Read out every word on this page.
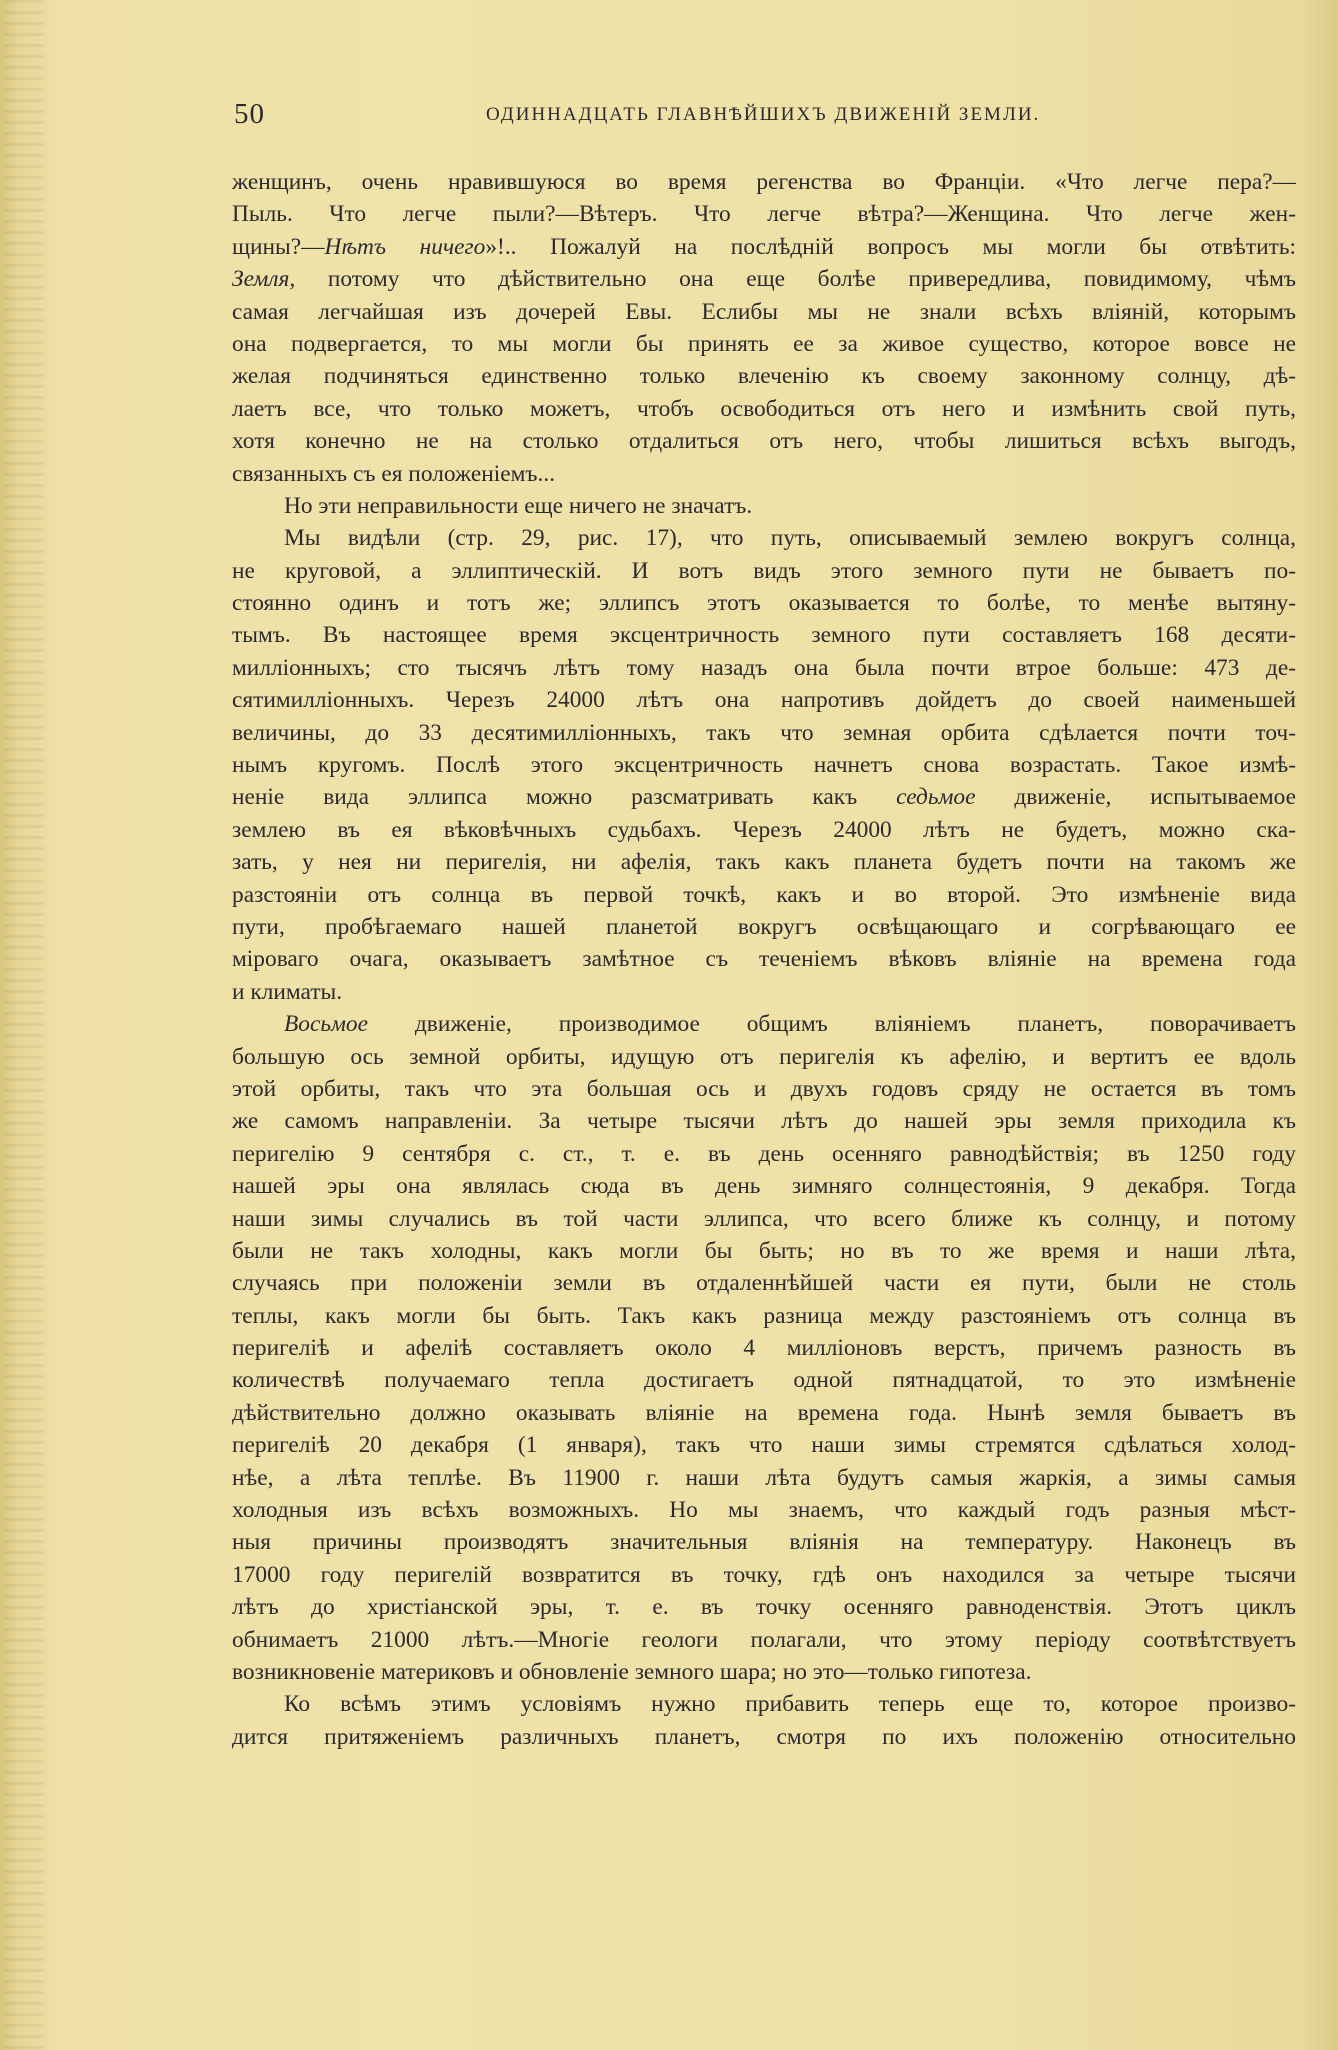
50	ОДИННАДЦАТЬ ГЛАВНѢЙШИХЪ ДВИЖЕНІЙ ЗЕМЛИ.
женщинъ, очень нравившуюся во время регенства во Франціи. «Что легче пера?—
Пыль. Что легче пыли?—Вѣтеръ. Что легче вѣтра?—Женщина. Что легче жен-
щины?—Нѣтъ ничего»!.. Пожалуй на послѣдній вопросъ мы могли бы отвѣтить:
Земля, потому что дѣйствительно она еще болѣе привередлива, повидимому, чѣмъ
самая легчайшая изъ дочерей Евы. Еслибы мы не знали всѣхъ вліяній, которымъ
она подвергается, то мы могли бы принять ее за живое существо, которое вовсе не
желая подчиняться единственно только влеченію къ своему законному солнцу, дѣ-
лаетъ все, что только можетъ, чтобъ освободиться отъ него и измѣнить свой путь,
хотя конечно не на столько отдалиться отъ него, чтобы лишиться всѣхъ выгодъ,
связанныхъ съ ея положеніемъ...
Но эти неправильности еще ничего не значатъ.
Мы видѣли (стр. 29, рис. 17), что путь, описываемый землею вокругъ солнца,
не круговой, а эллиптическій. И вотъ видъ этого земного пути не бываетъ по-
стоянно одинъ и тотъ же; эллипсъ этотъ оказывается то болѣе, то менѣе вытяну-
тымъ. Въ настоящее время эксцентричность земного пути составляетъ 168 десяти-
милліонныхъ; сто тысячъ лѣтъ тому назадъ она была почти втрое больше: 473 де-
сятимилліонныхъ. Черезъ 24000 лѣтъ она напротивъ дойдетъ до своей наименьшей
величины, до 33 десятимилліонныхъ, такъ что земная орбита сдѣлается почти точ-
нымъ кругомъ. Послѣ этого эксцентричность начнетъ снова возрастать. Такое измѣ-
неніе вида эллипса можно разсматривать какъ седьмое движеніе, испытываемое
землею въ ея вѣковѣчныхъ судьбахъ. Черезъ 24000 лѣтъ не будетъ, можно ска-
зать, у нея ни перигелія, ни афелія, такъ какъ планета будетъ почти на такомъ же
разстояніи отъ солнца въ первой точкѣ, какъ и во второй. Это измѣненіе вида
пути, пробѣгаемаго нашей планетой вокругъ освѣщающаго и согрѣвающаго ее
міроваго очага, оказываетъ замѣтное съ теченіемъ вѣковъ вліяніе на времена года
и климаты.
Восьмое движеніе, производимое общимъ вліяніемъ планетъ, поворачиваетъ
большую ось земной орбиты, идущую отъ перигелія къ афелію, и вертитъ ее вдоль
этой орбиты, такъ что эта большая ось и двухъ годовъ сряду не остается въ томъ
же самомъ направленіи. За четыре тысячи лѣтъ до нашей эры земля приходила къ
перигелію 9 сентября с. ст., т. е. въ день осенняго равнодѣйствія; въ 1250 году
нашей эры она являлась сюда въ день зимняго солнцестоянія, 9 декабря. Тогда
наши зимы случались въ той части эллипса, что всего ближе къ солнцу, и потому
были не такъ холодны, какъ могли бы быть; но въ то же время и наши лѣта,
случаясь при положеніи земли въ отдаленнѣйшей части ея пути, были не столь
теплы, какъ могли бы быть. Такъ какъ разница между разстояніемъ отъ солнца въ
перигеліѣ и афеліѣ составляетъ около 4 милліоновъ верстъ, причемъ разность въ
количествѣ получаемаго тепла достигаетъ одной пятнадцатой, то это измѣненіе
дѣйствительно должно оказывать вліяніе на времена года. Нынѣ земля бываетъ въ
перигеліѣ 20 декабря (1 января), такъ что наши зимы стремятся сдѣлаться холод-
нѣе, а лѣта теплѣе. Въ 11900 г. наши лѣта будутъ самыя жаркія, а зимы самыя
холодныя изъ всѣхъ возможныхъ. Но мы знаемъ, что каждый годъ разныя мѣст-
ныя причины производятъ значительныя вліянія на температуру. Наконецъ въ
17000 году перигелій возвратится въ точку, гдѣ онъ находился за четыре тысячи
лѣтъ до христіанской эры, т. е. въ точку осенняго равноденствія. Этотъ циклъ
обнимаетъ 21000 лѣтъ.—Многіе геологи полагали, что этому періоду соотвѣтствуетъ
возникновеніе материковъ и обновленіе земного шара; но это—только гипотеза.
Ко всѣмъ этимъ условіямъ нужно прибавить теперь еще то, которое произво-
дится притяженіемъ различныхъ планетъ, смотря по ихъ положенію относительно
